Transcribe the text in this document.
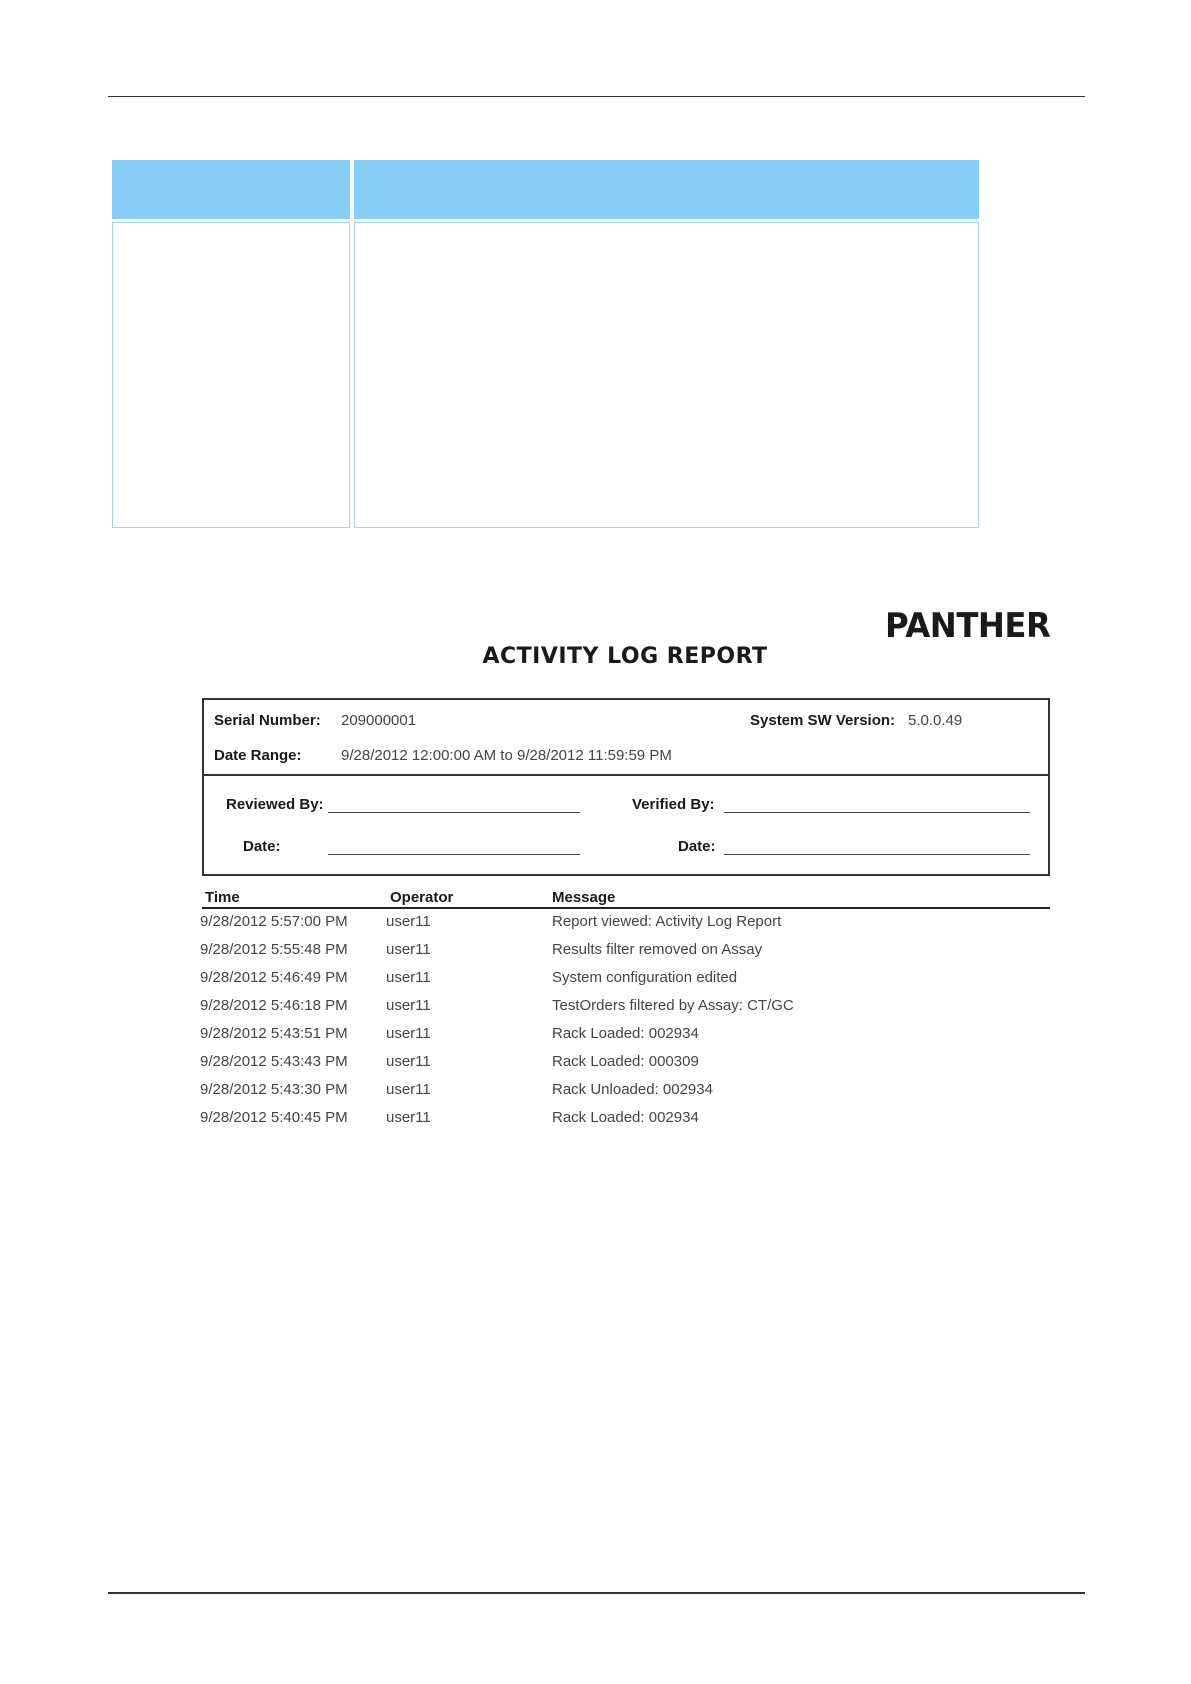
PANTHER
ACTIVITY LOG REPORT
Serial Number: 209000001	System SW Version: 5.0.0.49
Date Range:	9/28/2012 12:00:00 AM to 9/28/2012 11:59:59 PM
Reviewed By:	Verified By:
Date:	Date:
Time	Operator	Message
9/28/2012 5:57:00 PM	user11	Report viewed: Activity Log Report
9/28/2012 5:55:48 PM	user11	Results filter removed on Assay
9/28/2012 5:46:49 PM	user11	System configuration edited
9/28/2012 5:46:18 PM	user11	TestOrders filtered by Assay: CT/GC
9/28/2012 5:43:51 PM	user11	Rack Loaded: 002934
9/28/2012 5:43:43 PM	user11	Rack Loaded: 000309
9/28/2012 5:43:30 PM	user11	Rack Unloaded: 002934
9/28/2012 5:40:45 PM	user11	Rack Loaded: 002934
